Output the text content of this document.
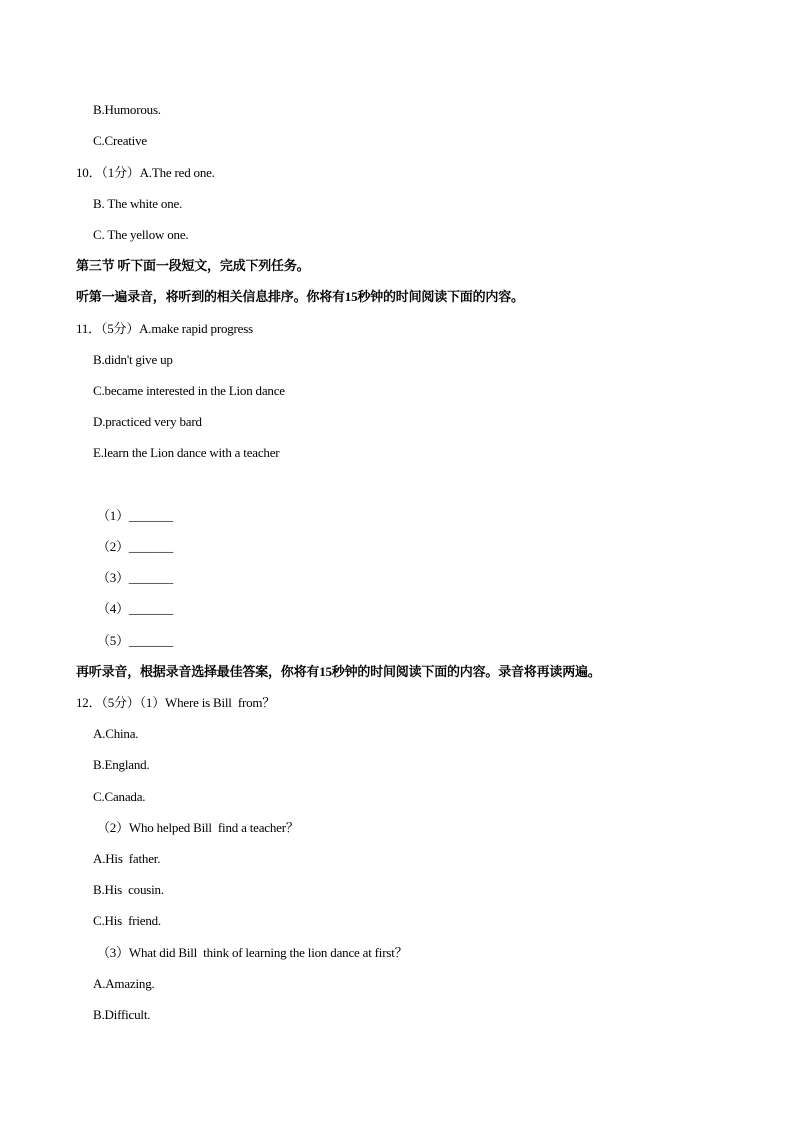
B.Humorous.
C.Creative
10．（1分）A.The red one.
B. The white one.
C. The yellow one.
第三节 听下面一段短文，完成下列任务。
听第一遍录音，将听到的相关信息排序。你将有15秒钟的时间阅读下面的内容。
11．（5分）A.make rapid progress
B.didn't give up
C.became interested in the Lion dance
D.practiced very bard
E.learn the Lion dance with a teacher
（1）_______
（2）_______
（3）_______
（4）_______
（5）_______
再听录音，根据录音选择最佳答案，你将有15秒钟的时间阅读下面的内容。录音将再读两遍。
12．（5分）（1）Where is Bill  from？
A.China.
B.England.
C.Canada.
（2）Who helped Bill  find a teacher？
A.His  father.
B.His  cousin.
C.His  friend.
（3）What did Bill  think of learning the lion dance at first？
A.Amazing.
B.Difficult.
